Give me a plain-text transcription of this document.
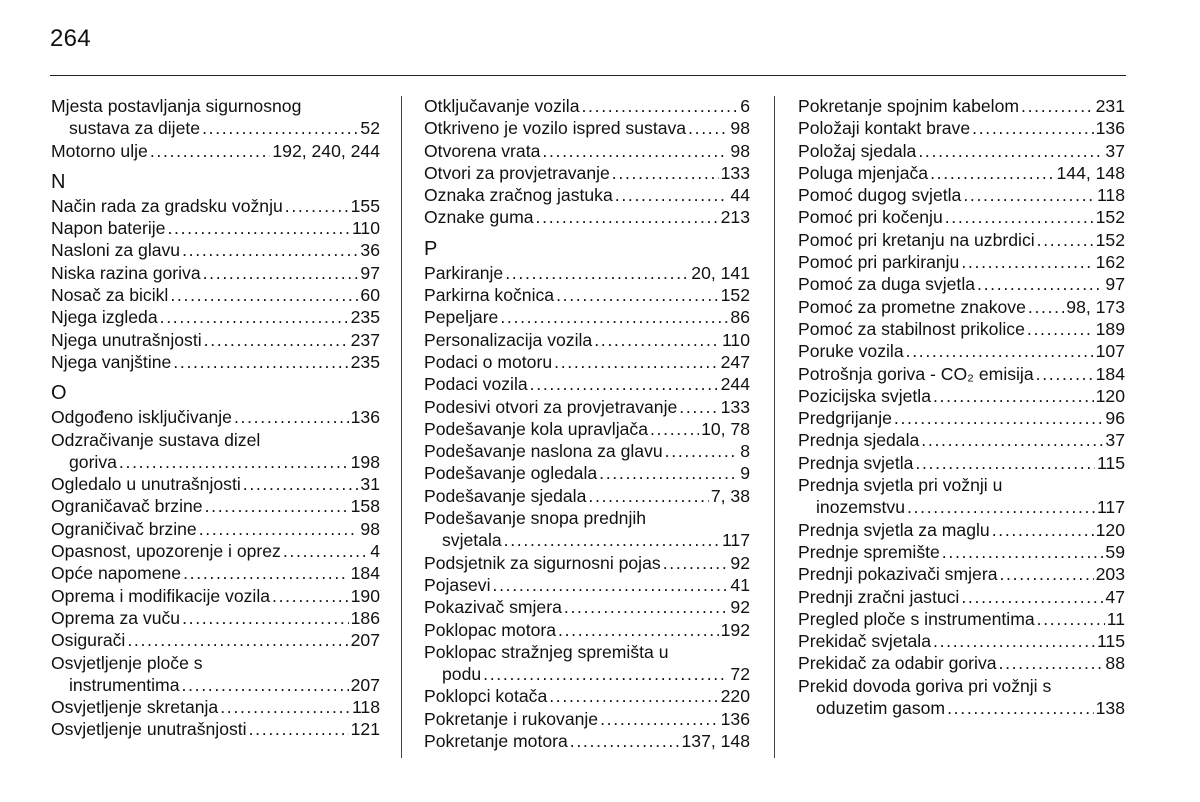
264
Mjesta postavljanja sigurnosnog
sustava za dijete . . .	52
Motorno ulje . . .	192, 240, 244
N
Način rada za gradsku vožnju . . .	155
Napon baterije . . .	110
Nasloni za glavu . . .	36
Niska razina goriva . . .	97
Nosač za bicikl . . .	60
Njega izgleda . . .	235
Njega unutrašnjosti . . .	237
Njega vanjštine . . .	235
O
Odgođeno isključivanje . . .	136
Odzračivanje sustava dizel
goriva . . .	198
Ogledalo u unutrašnjosti . . .	31
Ograničavač brzine . . .	158
Ograničivač brzine . . .	98
Opasnost, upozorenje i oprez . . .	4
Opće napomene . . .	184
Oprema i modifikacije vozila . . .	190
Oprema za vuču . . .	186
Osigurači . . .	207
Osvjetljenje ploče s
instrumentima . . .	207
Osvjetljenje skretanja . . .	118
Osvjetljenje unutrašnjosti . . .	121
Otključavanje vozila . . .	6
Otkriveno je vozilo ispred sustava . . .	98
Otvorena vrata . . .	98
Otvori za provjetravanje . . .	133
Oznaka zračnog jastuka . . .	44
Oznake guma . . .	213
P
Parkiranje . . .	20, 141
Parkirna kočnica . . .	152
Pepeljare . . .	86
Personalizacija vozila . . .	110
Podaci o motoru . . .	247
Podaci vozila . . .	244
Podesivi otvori za provjetravanje . . . 133
Podešavanje kola upravljača . . .	10, 78
Podešavanje naslona za glavu . . .	8
Podešavanje ogledala . . .	9
Podešavanje sjedala . . .	7, 38
Podešavanje snopa prednjih
svjetala . . .	117
Podsjetnik za sigurnosni pojas . . .	92
Pojasevi . . .	41
Pokazivač smjera . . .	92
Poklopac motora . . .	192
Poklopac stražnjeg spremišta u
podu . . .	72
Poklopci kotača . . .	220
Pokretanje i rukovanje . . .	136
Pokretanje motora . . .	137, 148
Pokretanje spojnim kabelom . . .	231
Položaji kontakt brave . . .	136
Položaj sjedala . . .	37
Poluga mjenjača . . .	144, 148
Pomoć dugog svjetla . . .	118
Pomoć pri kočenju . . .	152
Pomoć pri kretanju na uzbrdici . . .	152
Pomoć pri parkiranju . . .	162
Pomoć za duga svjetla . . .	97
Pomoć za prometne znakove . . . 98, 173
Pomoć za stabilnost prikolice . . .	189
Poruke vozila . . .	107
Potrošnja goriva - CO₂ emisija . . .	184
Pozicijska svjetla . . .	120
Predgrijanje . . .	96
Prednja sjedala . . .	37
Prednja svjetla . . .	115
Prednja svjetla pri vožnji u
inozemstvu . . .	117
Prednja svjetla za maglu . . .	120
Prednje spremište . . .	59
Prednji pokazivači smjera . . .	203
Prednji zračni jastuci . . .	47
Pregled ploče s instrumentima . . .	11
Prekidač svjetala . . .	115
Prekidač za odabir goriva . . .	88
Prekid dovoda goriva pri vožnji s
oduzetim gasom . . .	138
